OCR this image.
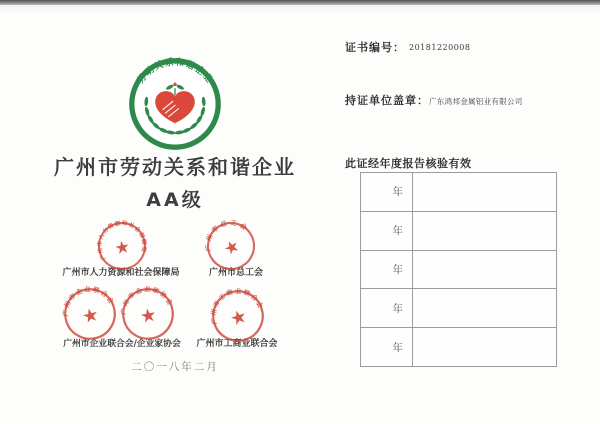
劳动关系和谐企业
广州市劳动关系和谐企业
AA级
广州市人力资源和社会保障局	广州市总工会
广州市企业联合会/企业家协会	广州市工商业联合会
广州市人力资源和社会保障局	广州市总工会
广州市企业联合会
广州市企业家协会
广州市工商业联合会
二〇一八年二月
证书编号： 20181220008
持证单位盖章： 广东鸿邦金属铝业有限公司
此证经年度报告核验有效
年
年
年
年
年
